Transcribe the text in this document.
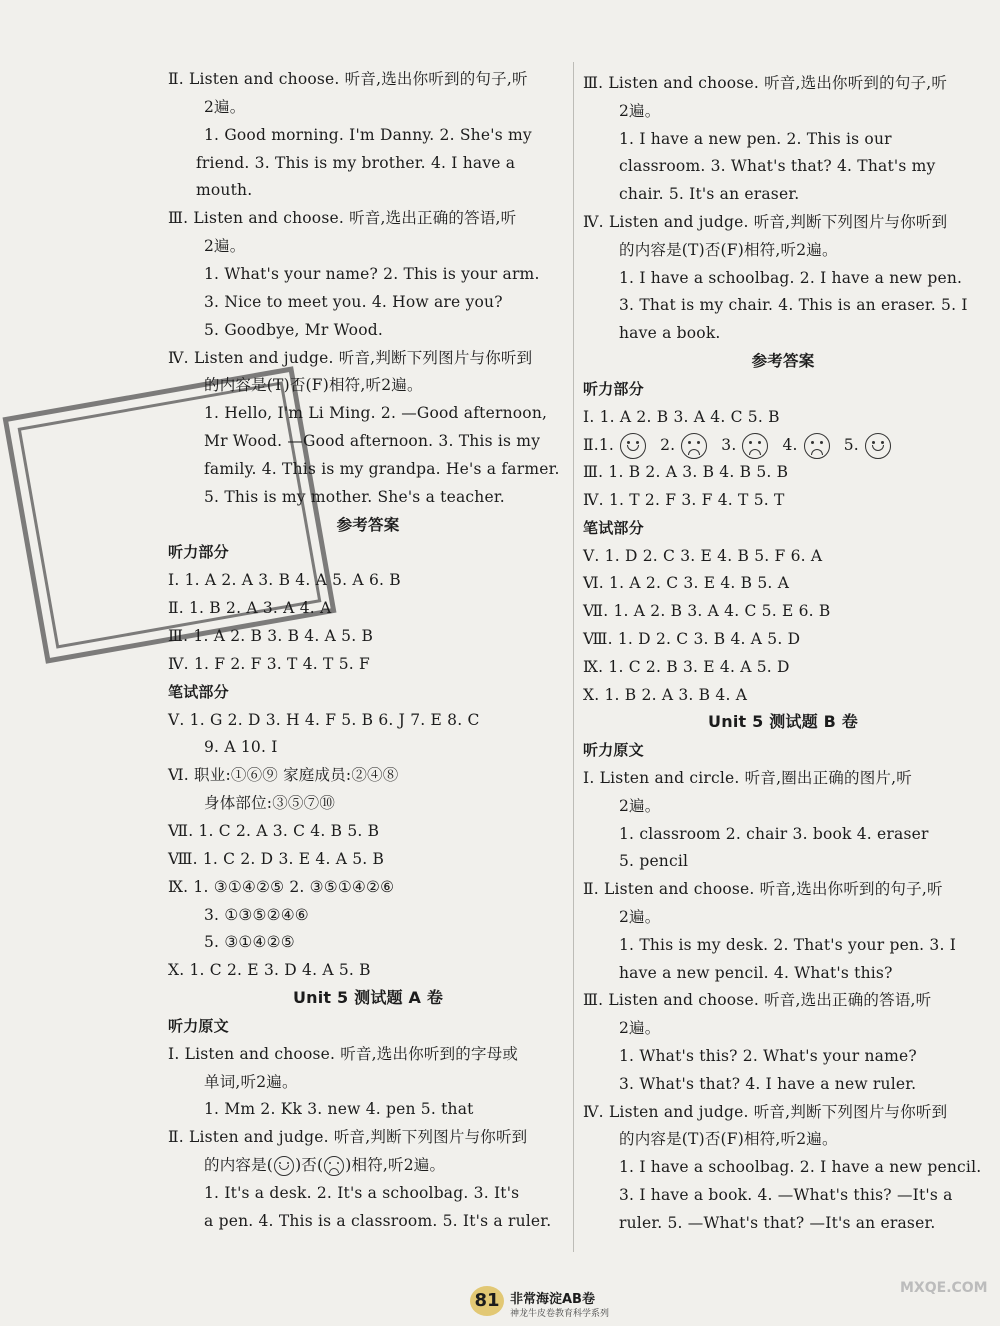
Ⅱ. Listen and choose. 听音,选出你听到的句子,听
2遍。
1. Good morning. I'm Danny. 2. She's my
friend. 3. This is my brother. 4. I have a
mouth.
Ⅲ. Listen and choose. 听音,选出正确的答语,听
2遍。
1. What's your name? 2. This is your arm.
3. Nice to meet you. 4. How are you?
5. Goodbye, Mr Wood.
Ⅳ. Listen and judge. 听音,判断下列图片与你听到
的内容是(T)否(F)相符,听2遍。
1. Hello, I'm Li Ming. 2. —Good afternoon,
Mr Wood. —Good afternoon. 3. This is my
family. 4. This is my grandpa. He's a farmer.
5. This is my mother. She's a teacher.
参考答案
听力部分
Ⅰ. 1. A 2. A 3. B 4. A 5. A 6. B
Ⅱ. 1. B 2. A 3. A 4. A
Ⅲ. 1. A 2. B 3. B 4. A 5. B
Ⅳ. 1. F 2. F 3. T 4. T 5. F
笔试部分
Ⅴ. 1. G 2. D 3. H 4. F 5. B 6. J 7. E 8. C
9. A 10. I
Ⅵ. 职业:①⑥⑨ 家庭成员:②④⑧
身体部位:③⑤⑦⑩
Ⅶ. 1. C 2. A 3. C 4. B 5. B
Ⅷ. 1. C 2. D 3. E 4. A 5. B
Ⅸ. 1. ③①④②⑤ 2. ③⑤①④②⑥
3. ①③⑤②④⑥
5. ③①④②⑤
Ⅹ. 1. C 2. E 3. D 4. A 5. B
Unit 5 测试题 A 卷
听力原文
Ⅰ. Listen and choose. 听音,选出你听到的字母或
单词,听2遍。
1. Mm 2. Kk 3. new 4. pen 5. that
Ⅱ. Listen and judge. 听音,判断下列图片与你听到
的内容是( )否( )相符,听2遍。
1. It's a desk. 2. It's a schoolbag. 3. It's
a pen. 4. This is a classroom. 5. It's a ruler.
Ⅲ. Listen and choose. 听音,选出你听到的句子,听
2遍。
1. I have a new pen. 2. This is our
classroom. 3. What's that? 4. That's my
chair. 5. It's an eraser.
Ⅳ. Listen and judge. 听音,判断下列图片与你听到
的内容是(T)否(F)相符,听2遍。
1. I have a schoolbag. 2. I have a new pen.
3. That is my chair. 4. This is an eraser. 5. I
have a book.
参考答案
听力部分
Ⅰ. 1. A 2. B 3. A 4. C 5. B
Ⅱ.1.	2.	3.	4.	5.
Ⅲ. 1. B 2. A 3. B 4. B 5. B
Ⅳ. 1. T 2. F 3. F 4. T 5. T
笔试部分
Ⅴ. 1. D 2. C 3. E 4. B 5. F 6. A
Ⅵ. 1. A 2. C 3. E 4. B 5. A
Ⅶ. 1. A 2. B 3. A 4. C 5. E 6. B
Ⅷ. 1. D 2. C 3. B 4. A 5. D
Ⅸ. 1. C 2. B 3. E 4. A 5. D
Ⅹ. 1. B 2. A 3. B 4. A
Unit 5 测试题 B 卷
听力原文
Ⅰ. Listen and circle. 听音,圈出正确的图片,听
2遍。
1. classroom 2. chair 3. book 4. eraser
5. pencil
Ⅱ. Listen and choose. 听音,选出你听到的句子,听
2遍。
1. This is my desk. 2. That's your pen. 3. I
have a new pencil. 4. What's this?
Ⅲ. Listen and choose. 听音,选出正确的答语,听
2遍。
1. What's this? 2. What's your name?
3. What's that? 4. I have a new ruler.
Ⅳ. Listen and judge. 听音,判断下列图片与你听到
的内容是(T)否(F)相符,听2遍。
1. I have a schoolbag. 2. I have a new pencil.
3. I have a book. 4. —What's this? —It's a
ruler. 5. —What's that? —It's an eraser.
81 非常海淀AB卷
神龙牛皮卷教育科学系列
MXQE.COM
